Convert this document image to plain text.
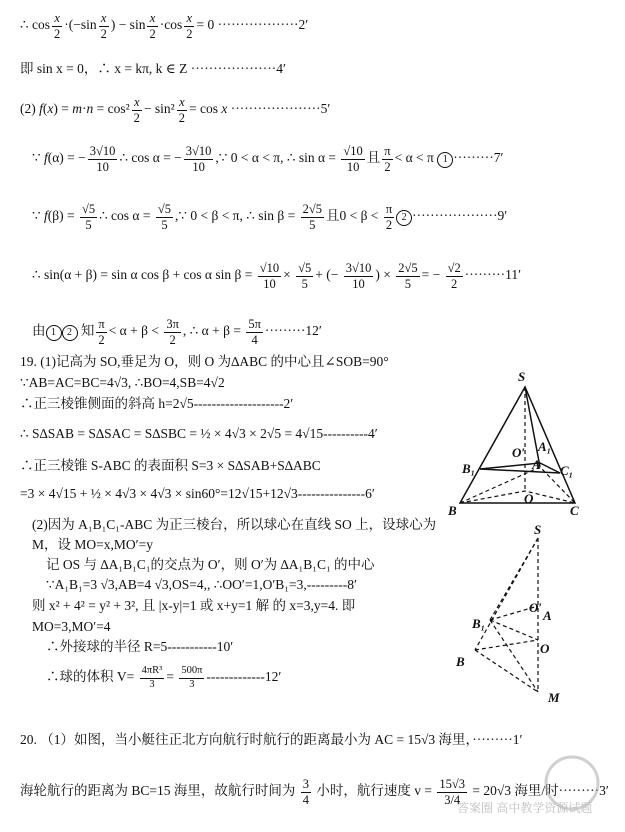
∴ $\cos \frac{x}{2} \cdot(-\sin \frac{x}{2}$ ) − $\sin \frac{x}{2} \cdot\cos \frac{x}{2} = 0 \cdot\cdot\cdot\cdot\cdot\cdot\cdot\cdot\cdot\cdot\cdot\cdot\cdot\cdot\cdot\cdot\cdot\cdot 2'$
即 sin x = 0，∴ x = kπ, k ∈ Z ···················4′
(2) $f(x) = m\cdot n = \cos^2 \frac{x}{2} - \sin^2 \frac{x}{2} = \cos x \cdot\cdot\cdot\cdot\cdot\cdot\cdot\cdot\cdot\cdot\cdot\cdot\cdot\cdot\cdot\cdot\cdot\cdot\cdot\cdot 5'$
∵ f(α) = − $\frac{3√10}{10}$ ∴ cos α = − $\frac{3√10}{10}$ ,∵ 0 < α < π, ∴ $\sin \alpha = \frac{√10}{10}$ 且 $\frac{\pi}{2} < \alpha < \pi$ 1 ·········7′
∵ $f(\beta) = \frac{√5}{5}$ ∴ $\cos \alpha = \frac{√5}{5}$ ,∵ 0 < β < π, ∴ $\sin \beta = \frac{2√5}{5}$ 且$0 < \beta < \frac{\pi}{2} 2 \cdot\cdot\cdot\cdot\cdot\cdot\cdot\cdot\cdot\cdot\cdot\cdot\cdot\cdot\cdot\cdot\cdot\cdot\cdot 9'$
∴ sin(α + β) = sin α cos β + cos α $\sin \beta = \frac{√10}{10} \times \frac{√5}{5}$ + (− $\frac{3√10}{10}$ ) × $\frac{2√5}{5}$ = − $\frac{√2}{2} \cdot\cdot\cdot\cdot\cdot\cdot\cdot\cdot\cdot 11'$
由 1 2 知 $\frac{\pi}{2} < \alpha + \beta < \frac{3\pi}{2}$ , ∴ $\alpha + \beta = \frac{5\pi}{4} \cdot\cdot\cdot\cdot\cdot\cdot\cdot\cdot\cdot 12'$
19. (1)记高为 SO,垂足为 O，则 O 为∆ABC 的中心且∠SOB=90°
∵AB=AC=BC=4√3, ∴BO=4,SB=4√2
∴正三棱锥侧面的斜高 h=2√5--------------------2′
∴ S∆SAB = S∆SAC = S∆SBC = ½ × 4√3 × 2√5 = 4√15----------4′
∴正三棱锥 S-ABC 的表面积 S=3 × S∆SAB+S∆ABC
=3 × 4√15 + ½ × 4√3 × 4√3 × sin60°=12√15+12√3---------------6′
(2)因为 A₁B₁C₁-ABC 为正三棱台，所以球心在直线 SO 上，设球心为
M，设 MO=x,MO′=y
记 OS 与 ∆A₁B₁C₁的交点为 O′，则 O′为 ∆A₁B₁C₁ 的中心
∵A₁B₁=3 √3,AB=4 √3,OS=4,, ∴OO′=1,O′B₁=3,---------8′
则 x² + 4² = y² + 3², 且 |x-y|=1 或 x+y=1 解 的 x=3,y=4. 即
MO=3,MO′=4
∴外接球的半径 R=5-----------10′
∴球的体积 $V= \frac{\text{4πR³}}{3} = \frac{500\pi}{3} -------------12'$
20. （1）如图，当小艇往正北方向航行时航行的距离最小为 AC = 15√3 海里，·········1′
海轮航行的距离为 BC=15 海里，故航行时间为 $\frac{3}{4}$ 小时，航行速度 $v = \frac{15√3}{3/4} = 20√3$ 海里/时·········3′
S
A₁
O′
A
B₁	C₁
B
O
C
S
B₁
O′
A
B
O
M
答案圈 高中教学资源试题
